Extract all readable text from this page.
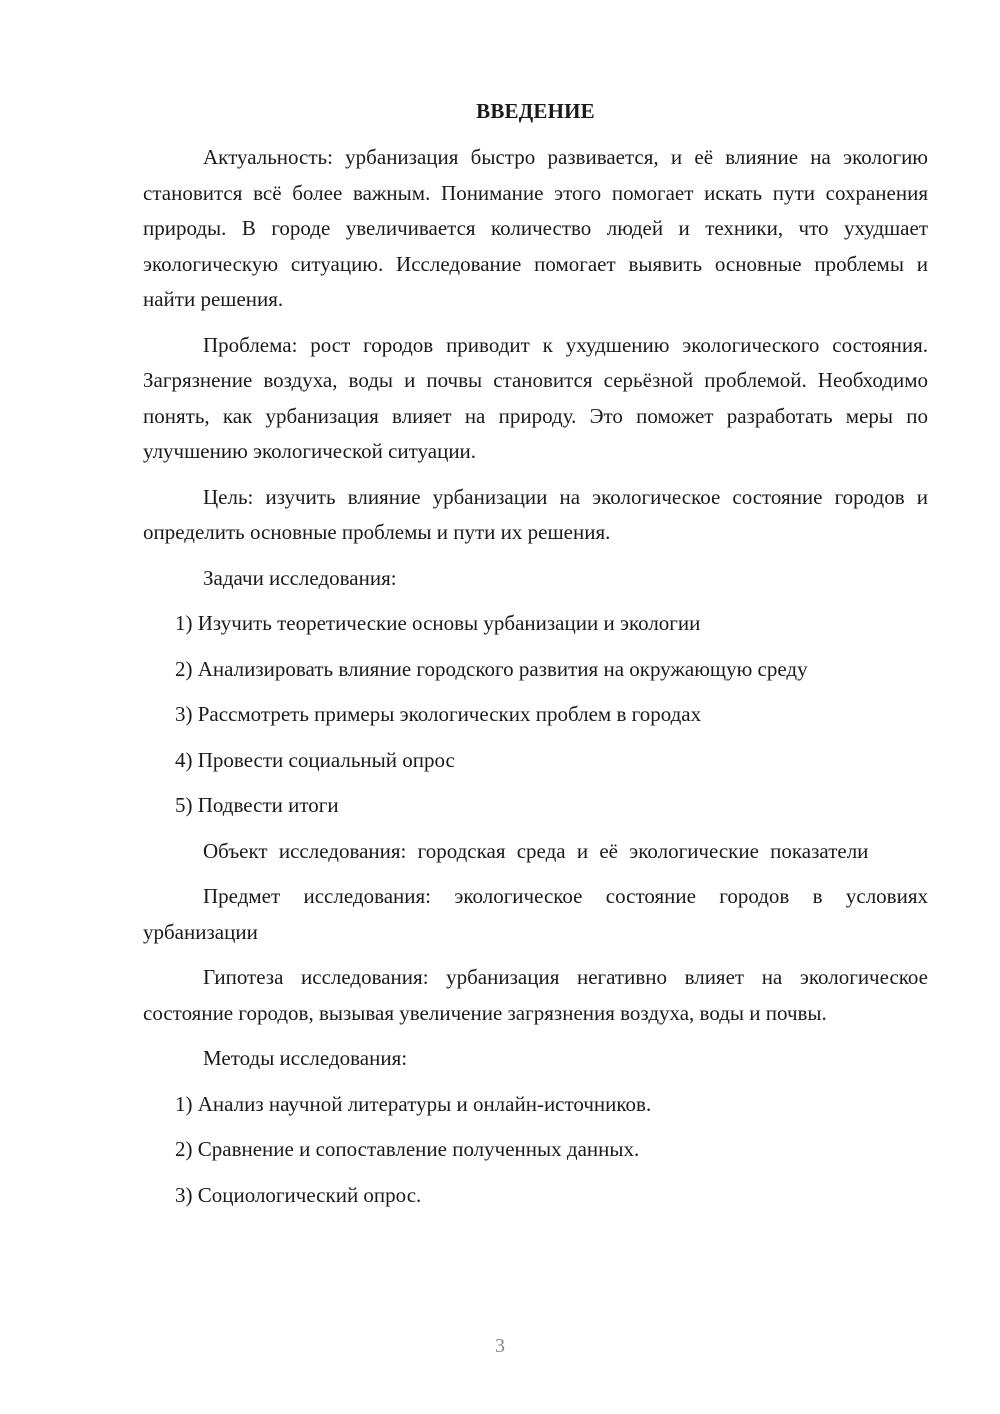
ВВЕДЕНИЕ

Актуальность: урбанизация быстро развивается, и её влияние на экологию становится всё более важным. Понимание этого помогает искать пути сохранения природы. В городе увеличивается количество людей и техники, что ухудшает экологическую ситуацию. Исследование помогает выявить основные проблемы и найти решения.

Проблема: рост городов приводит к ухудшению экологического состояния. Загрязнение воздуха, воды и почвы становится серьёзной проблемой. Необходимо понять, как урбанизация влияет на природу. Это поможет разработать меры по улучшению экологической ситуации.

Цель: изучить влияние урбанизации на экологическое состояние городов и определить основные проблемы и пути их решения.

Задачи исследования:

1) Изучить теоретические основы урбанизации и экологии

2) Анализировать влияние городского развития на окружающую среду

3) Рассмотреть примеры экологических проблем в городах

4) Провести социальный опрос

5) Подвести итоги

Объект исследования: городская среда и её экологические показатели

Предмет исследования: экологическое состояние городов в условиях урбанизации

Гипотеза исследования: урбанизация негативно влияет на экологическое состояние городов, вызывая увеличение загрязнения воздуха, воды и почвы.

Методы исследования:

1) Анализ научной литературы и онлайн-источников.

2) Сравнение и сопоставление полученных данных.

3) Социологический опрос.

3
